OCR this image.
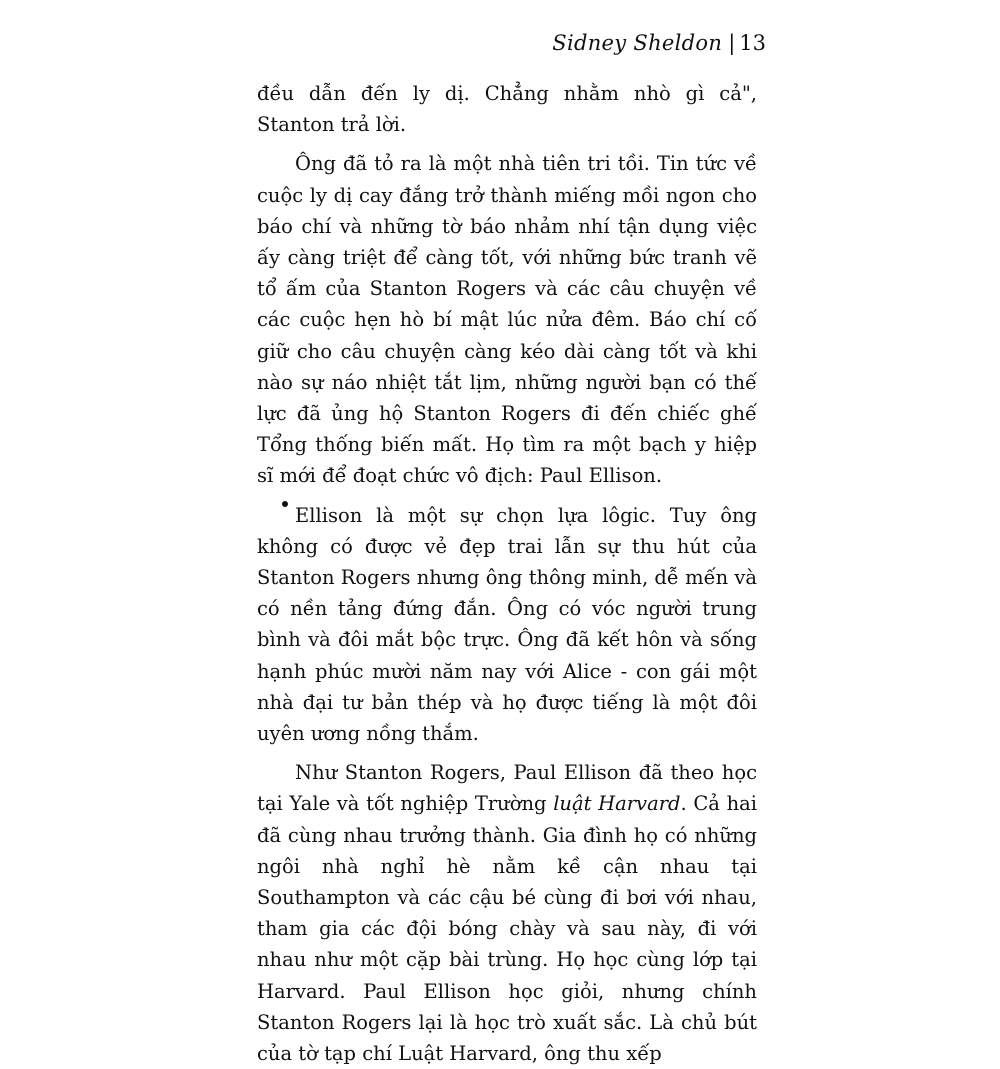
Sidney Sheldon | 13

đều dẫn đến ly dị. Chẳng nhằm nhò gì cả", Stanton trả lời.

Ông đã tỏ ra là một nhà tiên tri tồi. Tin tức về cuộc ly dị cay đắng trở thành miếng mồi ngon cho báo chí và những tờ báo nhảm nhí tận dụng việc ấy càng triệt để càng tốt, với những bức tranh vẽ tổ ấm của Stanton Rogers và các câu chuyện về các cuộc hẹn hò bí mật lúc nửa đêm. Báo chí cố giữ cho câu chuyện càng kéo dài càng tốt và khi nào sự náo nhiệt tắt lịm, những người bạn có thế lực đã ủng hộ Stanton Rogers đi đến chiếc ghế Tổng thống biến mất. Họ tìm ra một bạch y hiệp sĩ mới để đoạt chức vô địch: Paul Ellison.

Ellison là một sự chọn lựa lôgic. Tuy ông không có được vẻ đẹp trai lẫn sự thu hút của Stanton Rogers nhưng ông thông minh, dễ mến và có nền tảng đứng đắn. Ông có vóc người trung bình và đôi mắt bộc trực. Ông đã kết hôn và sống hạnh phúc mười năm nay với Alice - con gái một nhà đại tư bản thép và họ được tiếng là một đôi uyên ương nồng thắm.

Như Stanton Rogers, Paul Ellison đã theo học tại Yale và tốt nghiệp Trường luật Harvard. Cả hai đã cùng nhau trưởng thành. Gia đình họ có những ngôi nhà nghỉ hè nằm kề cận nhau tại Southampton và các cậu bé cùng đi bơi với nhau, tham gia các đội bóng chày và sau này, đi với nhau như một cặp bài trùng. Họ học cùng lớp tại Harvard. Paul Ellison học giỏi, nhưng chính Stanton Rogers lại là học trò xuất sắc. Là chủ bút của tờ tạp chí Luật Harvard, ông thu xếp
